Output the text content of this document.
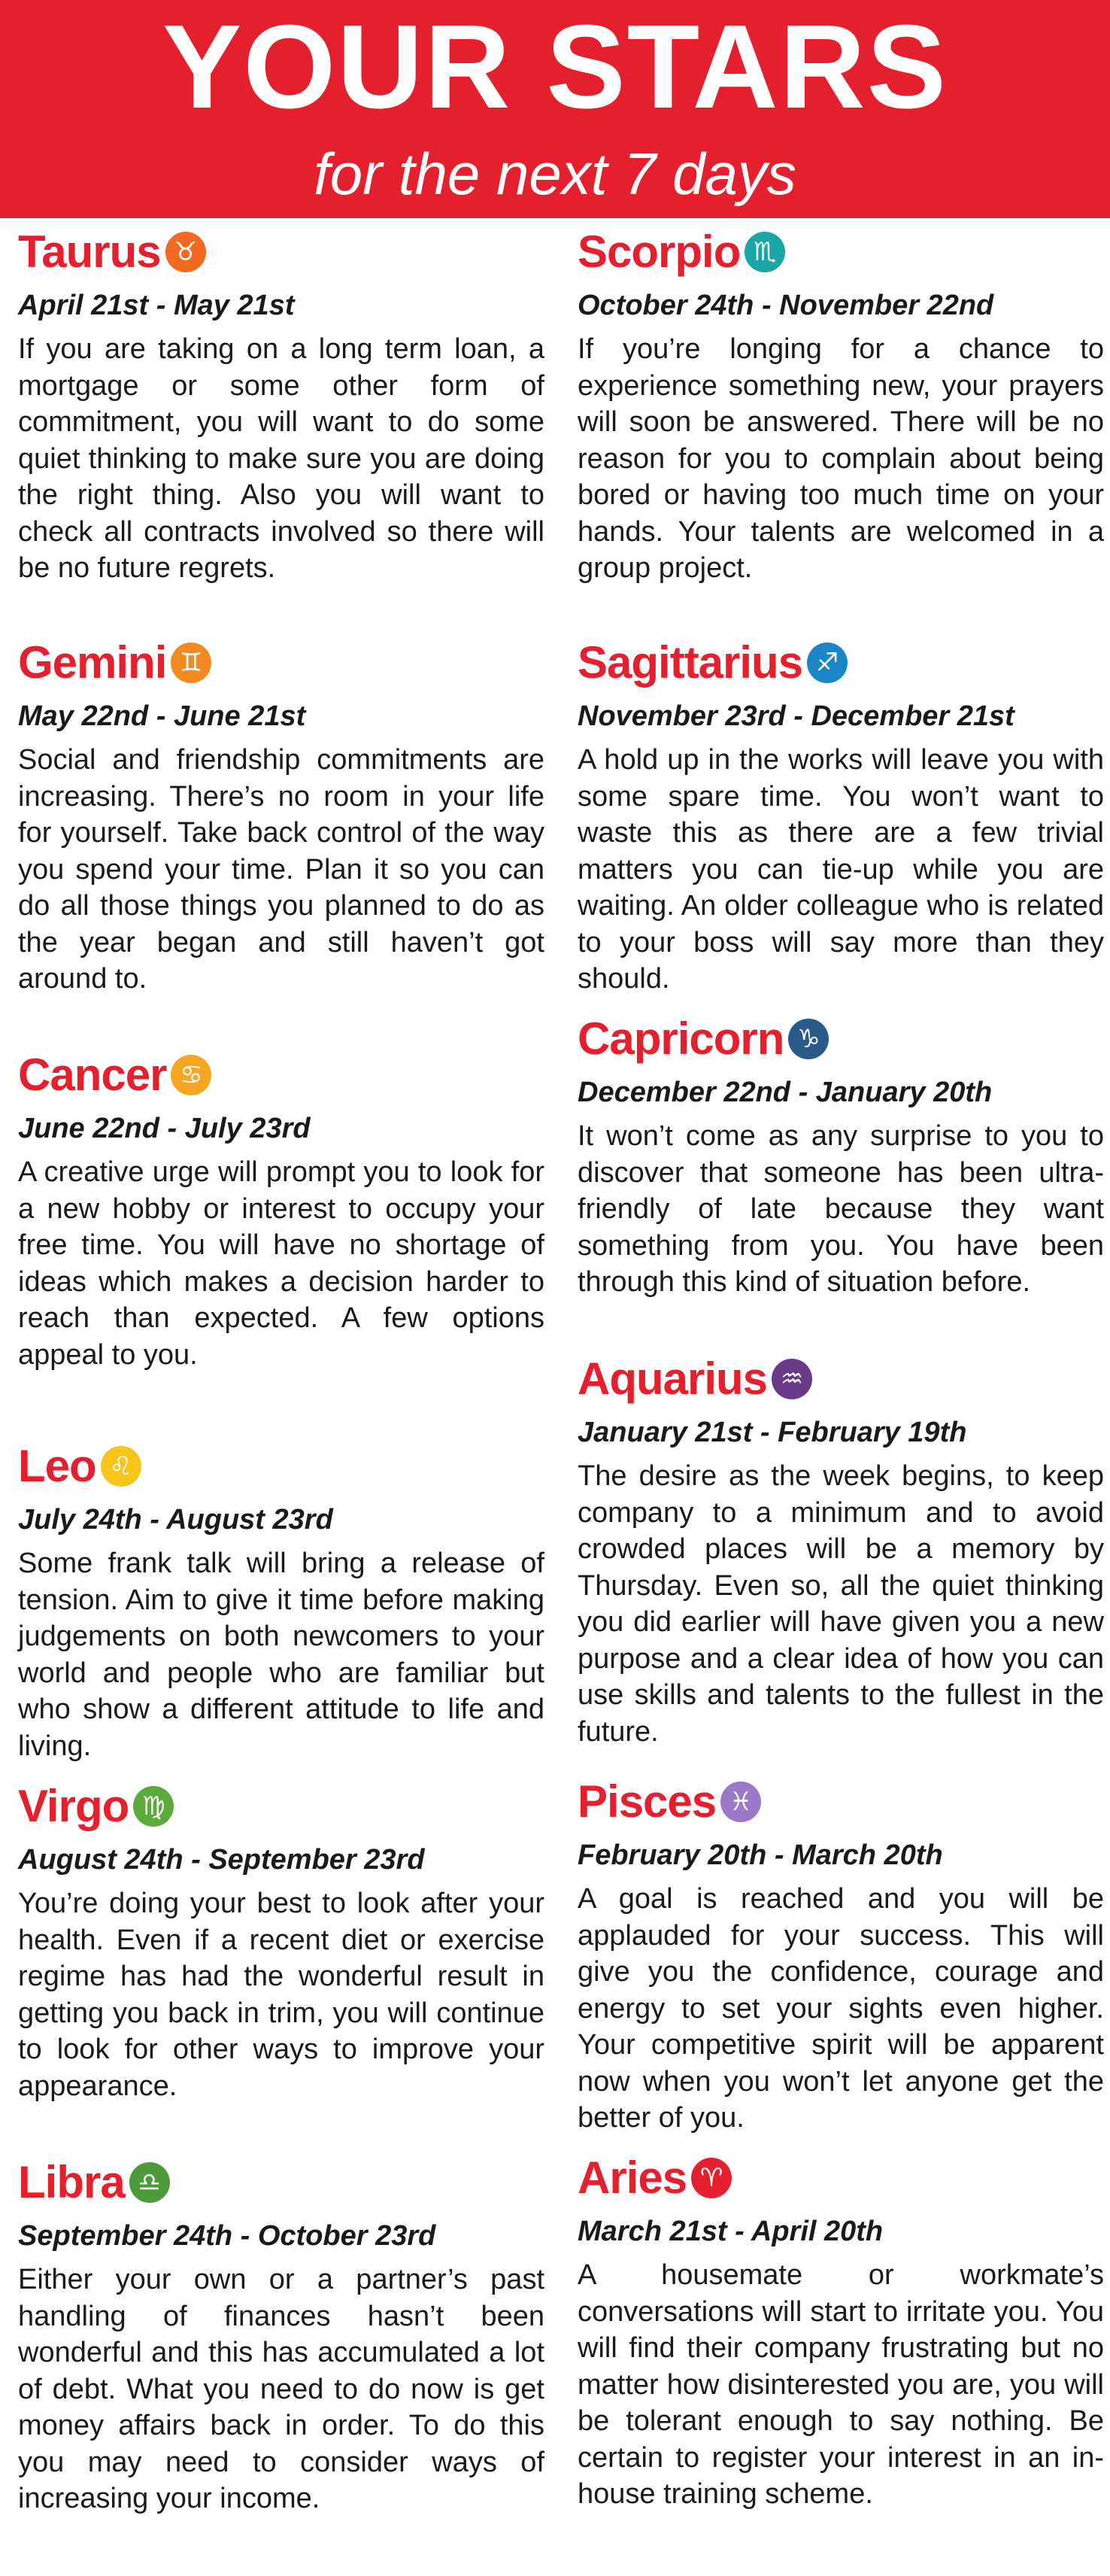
YOUR STARS
for the next 7 days
Taurus ♉
April 21st - May 21st
If you are taking on a long term loan, a mortgage or some other form of commitment, you will want to do some quiet thinking to make sure you are doing the right thing. Also you will want to check all contracts involved so there will be no future regrets.
Gemini ♊
May 22nd - June 21st
Social and friendship commitments are increasing. There’s no room in your life for yourself. Take back control of the way you spend your time. Plan it so you can do all those things you planned to do as the year began and still haven’t got around to.
Cancer ♋
June 22nd - July 23rd
A creative urge will prompt you to look for a new hobby or interest to occupy your free time. You will have no shortage of ideas which makes a decision harder to reach than expected. A few options appeal to you.
Leo ♌
July 24th - August 23rd
Some frank talk will bring a release of tension. Aim to give it time before making judgements on both newcomers to your world and people who are familiar but who show a different attitude to life and living.
Virgo ♍
August 24th - September 23rd
You’re doing your best to look after your health. Even if a recent diet or exercise regime has had the wonderful result in getting you back in trim, you will continue to look for other ways to improve your appearance.
Libra ♎
September 24th - October 23rd
Either your own or a partner’s past handling of finances hasn’t been wonderful and this has accumulated a lot of debt. What you need to do now is get money affairs back in order. To do this you may need to consider ways of increasing your income.
Scorpio ♏
October 24th - November 22nd
If you’re longing for a chance to experience something new, your prayers will soon be answered. There will be no reason for you to complain about being bored or having too much time on your hands. Your talents are welcomed in a group project.
Sagittarius ♐
November 23rd - December 21st
A hold up in the works will leave you with some spare time. You won’t want to waste this as there are a few trivial matters you can tie-up while you are waiting. An older colleague who is related to your boss will say more than they should.
Capricorn ♑
December 22nd - January 20th
It won’t come as any surprise to you to discover that someone has been ultra-friendly of late because they want something from you. You have been through this kind of situation before.
Aquarius ♒
January 21st - February 19th
The desire as the week begins, to keep company to a minimum and to avoid crowded places will be a memory by Thursday. Even so, all the quiet thinking you did earlier will have given you a new purpose and a clear idea of how you can use skills and talents to the fullest in the future.
Pisces ♓
February 20th - March 20th
A goal is reached and you will be applauded for your success. This will give you the confidence, courage and energy to set your sights even higher. Your competitive spirit will be apparent now when you won’t let anyone get the better of you.
Aries ♈
March 21st - April 20th
A housemate or workmate’s conversations will start to irritate you. You will find their company frustrating but no matter how disinterested you are, you will be tolerant enough to say nothing. Be certain to register your interest in an in-house training scheme.
